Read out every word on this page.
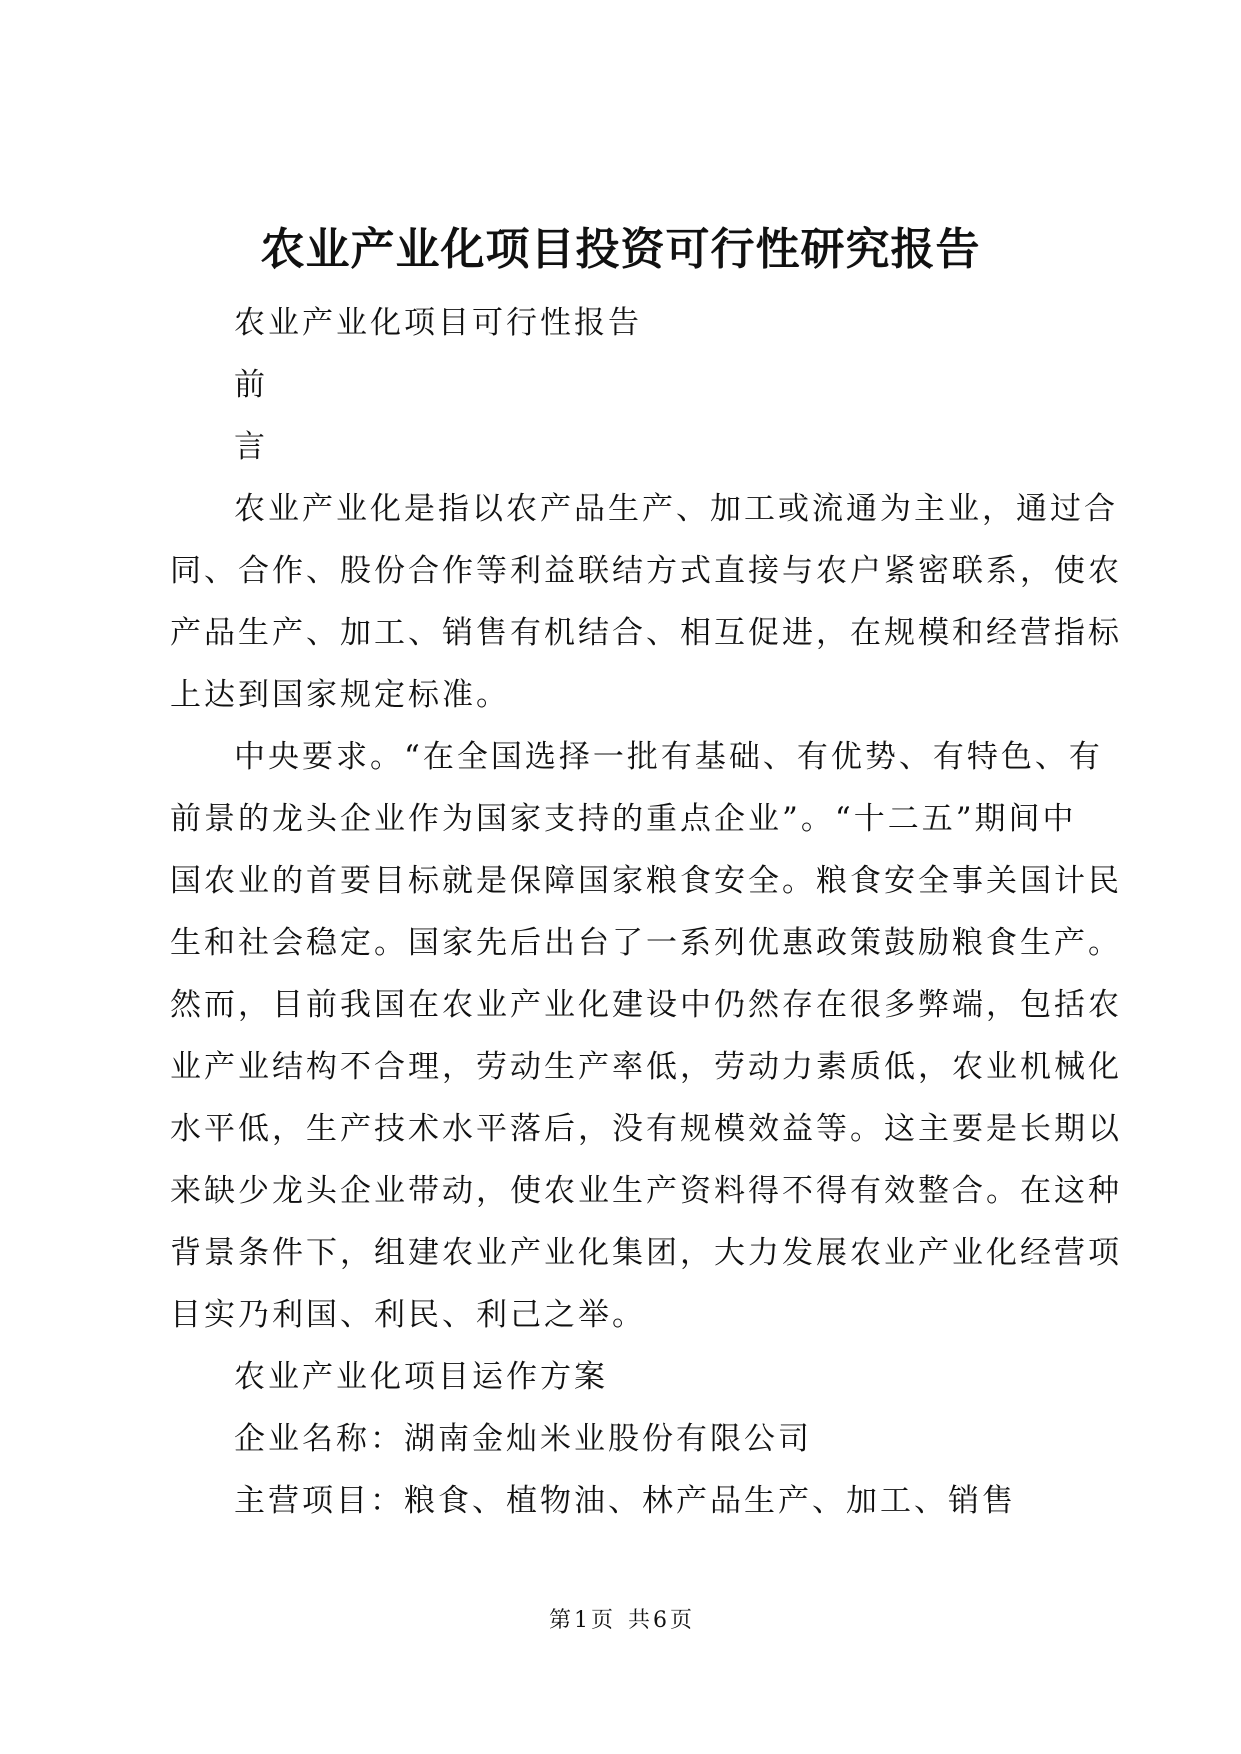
农业产业化项目投资可行性研究报告

农业产业化项目可行性报告

前

言

农业产业化是指以农产品生产、加工或流通为主业，通过合

同、合作、股份合作等利益联结方式直接与农户紧密联系，使农

产品生产、加工、销售有机结合、相互促进，在规模和经营指标

上达到国家规定标准。

中央要求。“在全国选择一批有基础、有优势、有特色、有

前景的龙头企业作为国家支持的重点企业”。“十二五”期间中

国农业的首要目标就是保障国家粮食安全。粮食安全事关国计民

生和社会稳定。国家先后出台了一系列优惠政策鼓励粮食生产。

然而，目前我国在农业产业化建设中仍然存在很多弊端，包括农

业产业结构不合理，劳动生产率低，劳动力素质低，农业机械化

水平低，生产技术水平落后，没有规模效益等。这主要是长期以

来缺少龙头企业带动，使农业生产资料得不得有效整合。在这种

背景条件下，组建农业产业化集团，大力发展农业产业化经营项

目实乃利国、利民、利己之举。

农业产业化项目运作方案

企业名称：湖南金灿米业股份有限公司

主营项目：粮食、植物油、林产品生产、加工、销售

第 1 页 共 6 页
